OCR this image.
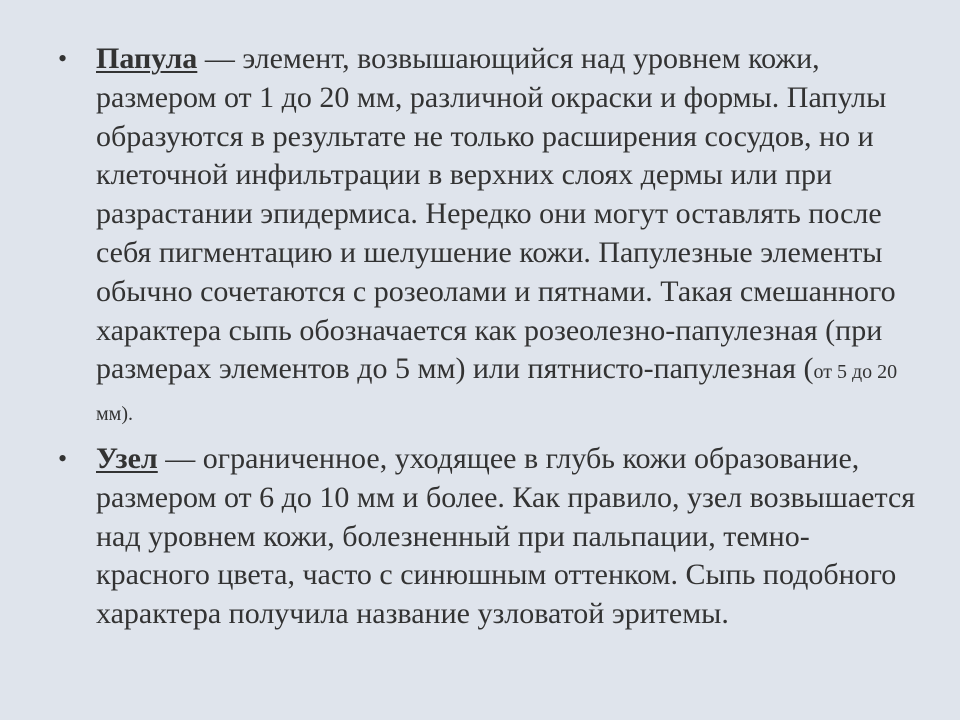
• Папула — элемент, возвышающийся над уровнем кожи, размером от 1 до 20 мм, различной окраски и формы. Папулы образуются в результате не только расширения сосудов, но и клеточной инфильтрации в верхних слоях дермы или при разрастании эпидермиса. Нередко они могут оставлять после себя пигментацию и шелушение кожи. Папулезные элементы обычно сочетаются с розеолами и пятнами. Такая смешанного характера сыпь обозначается как розеолезно-папулезная (при размерах элементов до 5 мм) или пятнисто-папулезная (от 5 до 20 мм).
• Узел — ограниченное, уходящее в глубь кожи образование, размером от 6 до 10 мм и более. Как правило, узел возвышается над уровнем кожи, болезненный при пальпации, темно-красного цвета, часто с синюшным оттенком. Сыпь подобного характера получила название узловатой эритемы.
